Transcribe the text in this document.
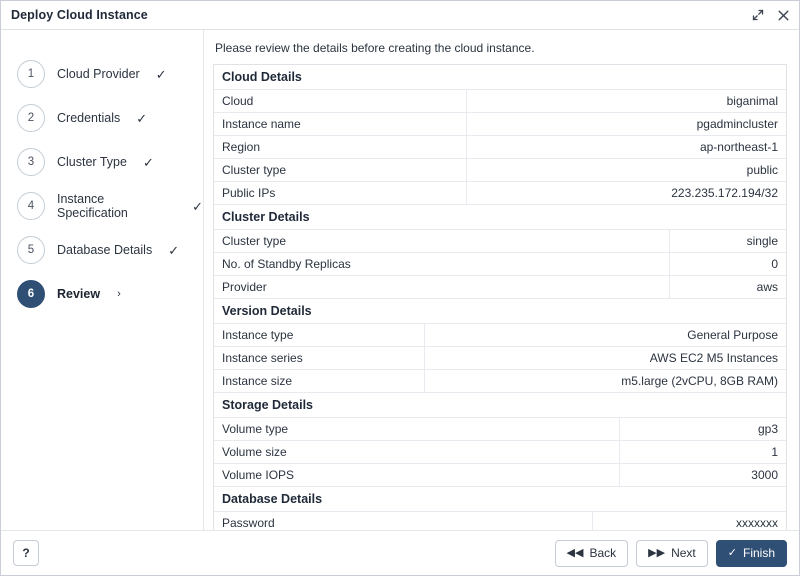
Deploy Cloud Instance
1	Cloud Provider ✓
2	Credentials ✓
3	Cluster Type ✓
4	Instance Specification	✓
5	Database Details ✓
6	Review ›
Please review the details before creating the cloud instance.
Cloud Details
Cloud	biganimal
Instance name	pgadmincluster
Region	ap-northeast-1
Cluster type	public
Public IPs	223.235.172.194/32
Cluster Details
Cluster type	single
No. of Standby Replicas	0
Provider	aws
Version Details
Instance type	General Purpose
Instance series	AWS EC2 M5 Instances
Instance size	m5.large (2vCPU, 8GB RAM)
Storage Details
Volume type	gp3
Volume size	1
Volume IOPS	3000
Database Details
Password	xxxxxxx

?	◀◀ Back	▶▶ Next	✓ Finish
